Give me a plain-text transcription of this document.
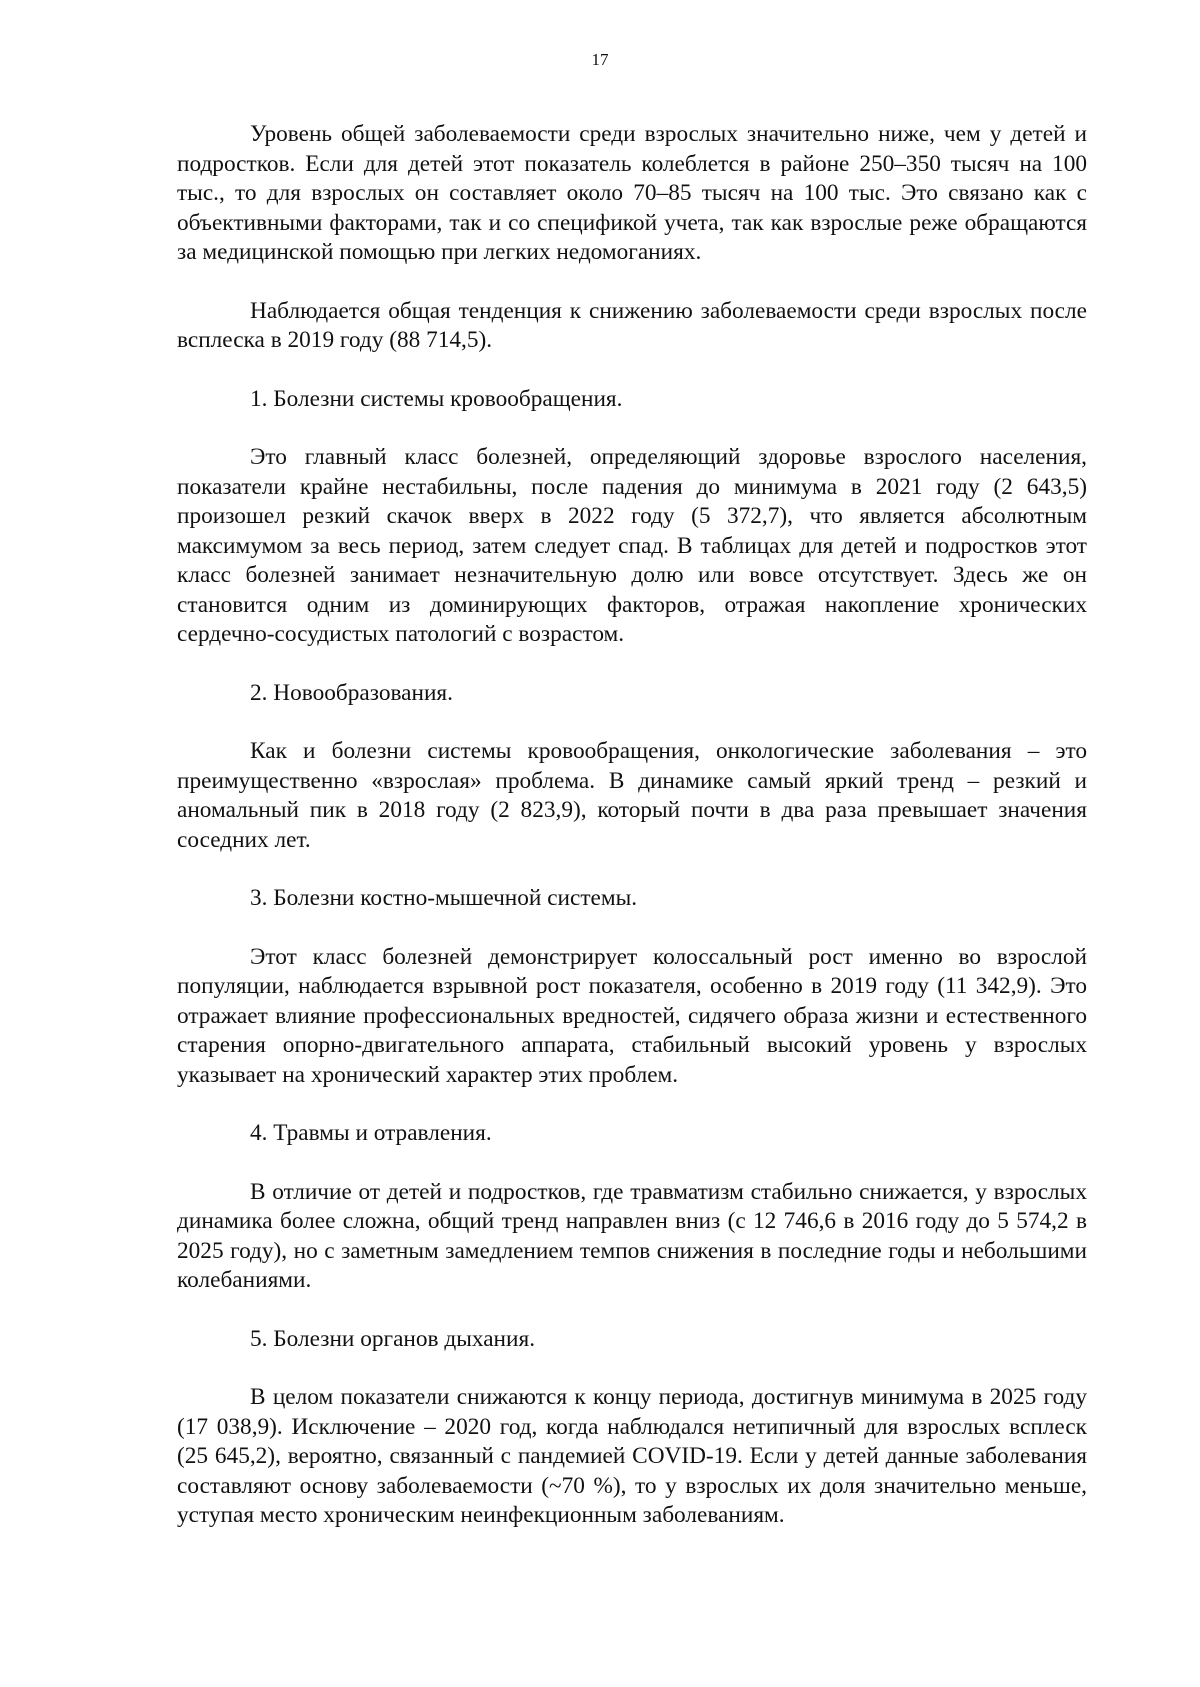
17

Уровень общей заболеваемости среди взрослых значительно ниже, чем у детей и подростков. Если для детей этот показатель колеблется в районе 250–350 тысяч на 100 тыс., то для взрослых он составляет около 70–85 тысяч на 100 тыс. Это связано как с объективными факторами, так и со спецификой учета, так как взрослые реже обращаются за медицинской помощью при легких недомоганиях.

Наблюдается общая тенденция к снижению заболеваемости среди взрослых после всплеска в 2019 году (88 714,5).

1. Болезни системы кровообращения.

Это главный класс болезней, определяющий здоровье взрослого населения, показатели крайне нестабильны, после падения до минимума в 2021 году (2 643,5) произошел резкий скачок вверх в 2022 году (5 372,7), что является абсолютным максимумом за весь период, затем следует спад. В таблицах для детей и подростков этот класс болезней занимает незначительную долю или вовсе отсутствует. Здесь же он становится одним из доминирующих факторов, отражая накопление хронических сердечно-сосудистых патологий с возрастом.

2. Новообразования.

Как и болезни системы кровообращения, онкологические заболевания – это преимущественно «взрослая» проблема. В динамике самый яркий тренд – резкий и аномальный пик в 2018 году (2 823,9), который почти в два раза превышает значения соседних лет.

3. Болезни костно-мышечной системы.

Этот класс болезней демонстрирует колоссальный рост именно во взрослой популяции, наблюдается взрывной рост показателя, особенно в 2019 году (11 342,9). Это отражает влияние профессиональных вредностей, сидячего образа жизни и естественного старения опорно-двигательного аппарата, стабильный высокий уровень у взрослых указывает на хронический характер этих проблем.

4. Травмы и отравления.

В отличие от детей и подростков, где травматизм стабильно снижается, у взрослых динамика более сложна, общий тренд направлен вниз (с 12 746,6 в 2016 году до 5 574,2 в 2025 году), но с заметным замедлением темпов снижения в последние годы и небольшими колебаниями.

5. Болезни органов дыхания.

В целом показатели снижаются к концу периода, достигнув минимума в 2025 году (17 038,9). Исключение – 2020 год, когда наблюдался нетипичный для взрослых всплеск (25 645,2), вероятно, связанный с пандемией COVID-19. Если у детей данные заболевания составляют основу заболеваемости (~70 %), то у взрослых их доля значительно меньше, уступая место хроническим неинфекционным заболеваниям.
